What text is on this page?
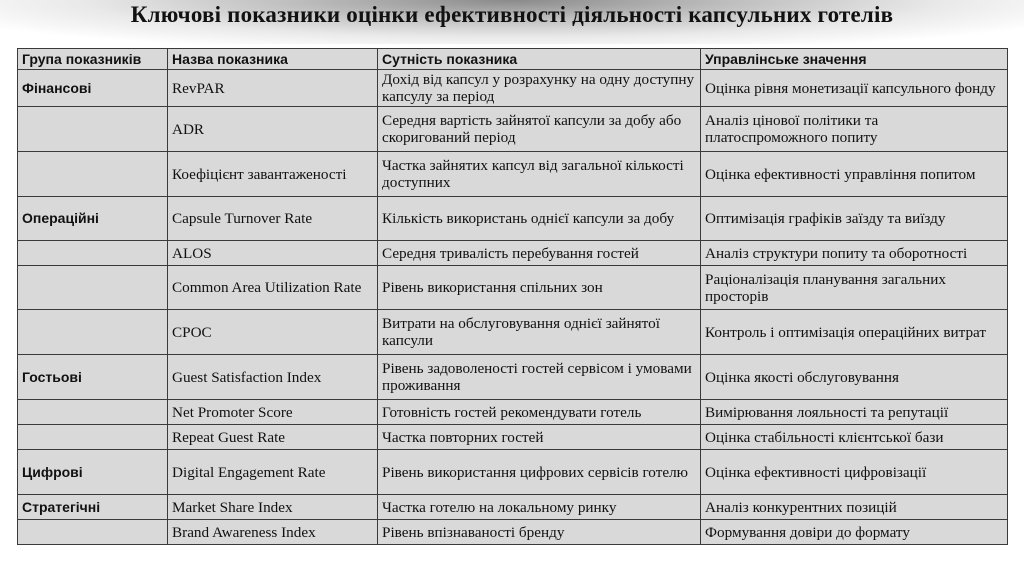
Ключові показники оцінки ефективності діяльності капсульних готелів
Група показників	Назва показника	Сутність показника	Управлінське значення
Фінансові	RevPAR	Дохід від капсул у розрахунку на одну доступну капсулу за період	Оцінка рівня монетизації капсульного фонду
	ADR	Середня вартість зайнятої капсули за добу або скоригований період	Аналіз цінової політики та платоспроможного попиту
	Коефіцієнт завантаженості	Частка зайнятих капсул від загальної кількості доступних	Оцінка ефективності управління попитом
Операційні	Capsule Turnover Rate	Кількість використань однієї капсули за добу	Оптимізація графіків заїзду та виїзду
	ALOS	Середня тривалість перебування гостей	Аналіз структури попиту та оборотності
	Common Area Utilization Rate	Рівень використання спільних зон	Раціоналізація планування загальних просторів
	CPOC	Витрати на обслуговування однієї зайнятої капсули	Контроль і оптимізація операційних витрат
Гостьові	Guest Satisfaction Index	Рівень задоволеності гостей сервісом і умовами проживання	Оцінка якості обслуговування
	Net Promoter Score	Готовність гостей рекомендувати готель	Вимірювання лояльності та репутації
	Repeat Guest Rate	Частка повторних гостей	Оцінка стабільності клієнтської бази
Цифрові	Digital Engagement Rate	Рівень використання цифрових сервісів готелю	Оцінка ефективності цифровізації
Стратегічні	Market Share Index	Частка готелю на локальному ринку	Аналіз конкурентних позицій
	Brand Awareness Index	Рівень впізнаваності бренду	Формування довіри до формату
